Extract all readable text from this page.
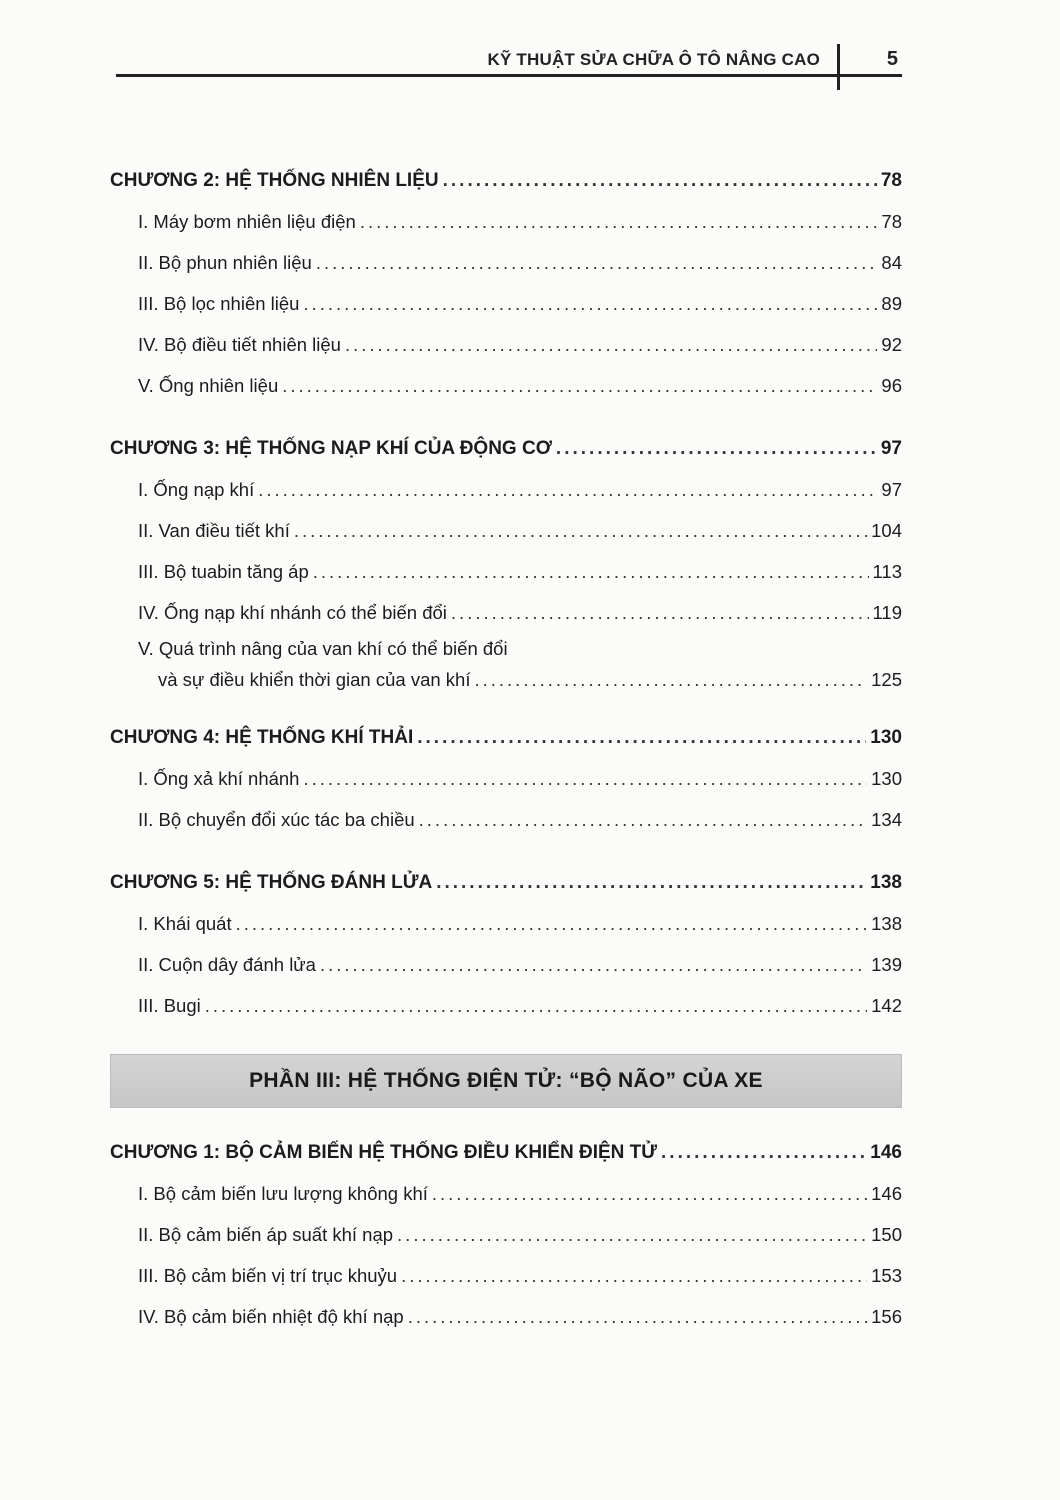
KỸ THUẬT SỬA CHỮA Ô TÔ NÂNG CAO	5
CHƯƠNG 2: HỆ THỐNG NHIÊN LIỆU .....	78
I. Máy bơm nhiên liệu điện .....	78
II. Bộ phun nhiên liệu .....	84
III. Bộ lọc nhiên liệu .....	89
IV. Bộ điều tiết nhiên liệu .....	92
V. Ống nhiên liệu .....	96
CHƯƠNG 3: HỆ THỐNG NẠP KHÍ CỦA ĐỘNG CƠ .....	97
I. Ống nạp khí .....	97
II. Van điều tiết khí .....	104
III. Bộ tuabin tăng áp .....	113
IV. Ống nạp khí nhánh có thể biến đổi .....	119
V. Quá trình nâng của van khí có thể biến đổi
và sự điều khiển thời gian của van khí .....	125
CHƯƠNG 4: HỆ THỐNG KHÍ THẢI .....	130
I. Ống xả khí nhánh .....	130
II. Bộ chuyển đổi xúc tác ba chiều .....	134
CHƯƠNG 5: HỆ THỐNG ĐÁNH LỬA .....	138
I. Khái quát .....	138
II. Cuộn dây đánh lửa .....	139
III. Bugi .....	142
PHẦN III: HỆ THỐNG ĐIỆN TỬ: “BỘ NÃO” CỦA XE
CHƯƠNG 1: BỘ CẢM BIẾN HỆ THỐNG ĐIỀU KHIỂN ĐIỆN TỬ .....	146
I. Bộ cảm biến lưu lượng không khí .....	146
II. Bộ cảm biến áp suất khí nạp .....	150
III. Bộ cảm biến vị trí trục khuỷu .....	153
IV. Bộ cảm biến nhiệt độ khí nạp .....	156
